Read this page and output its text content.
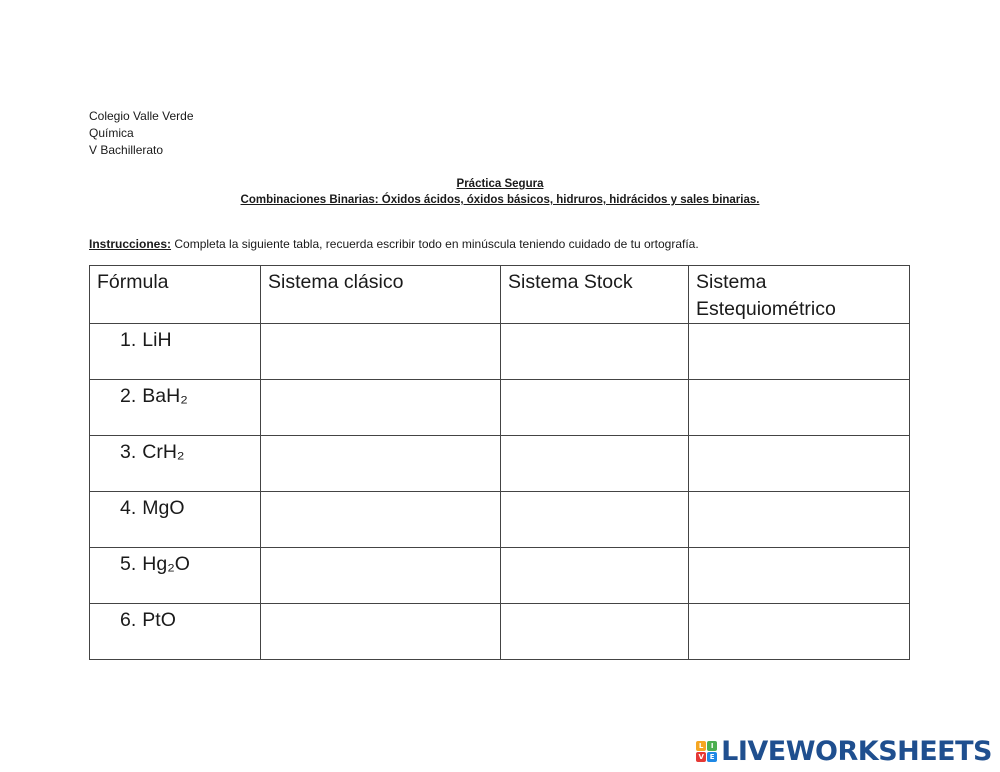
Colegio Valle Verde
Química
V Bachillerato
Práctica Segura
Combinaciones Binarias: Óxidos ácidos, óxidos básicos, hidruros, hidrácidos y sales binarias.
Instrucciones: Completa la siguiente tabla, recuerda escribir todo en minúscula teniendo cuidado de tu ortografía.
Fórmula	Sistema clásico	Sistema Stock	Sistema Estequiométrico
1. LiH			
2. BaH₂			
3. CrH₂			
4. MgO			
5. Hg₂O			
6. PtO			
L	I
V E LIVEWORKSHEETS
